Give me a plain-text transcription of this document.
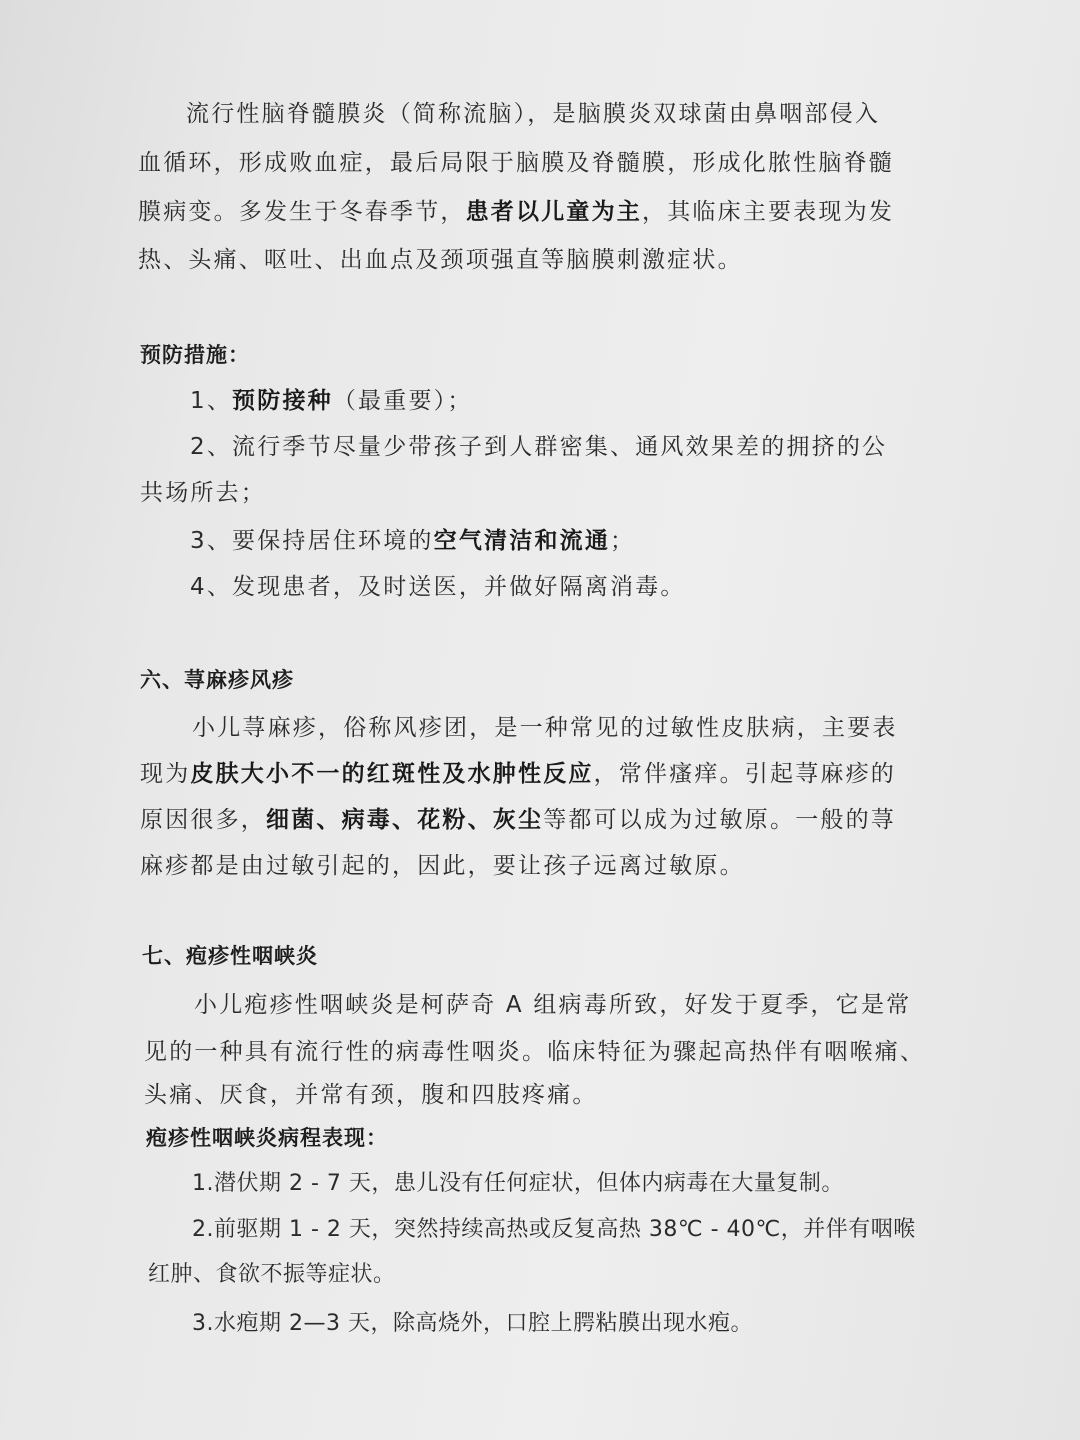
流行性脑脊髓膜炎（简称流脑），是脑膜炎双球菌由鼻咽部侵入
血循环，形成败血症，最后局限于脑膜及脊髓膜，形成化脓性脑脊髓
膜病变。多发生于冬春季节，患者以儿童为主，其临床主要表现为发
热、头痛、呕吐、出血点及颈项强直等脑膜刺激症状。
预防措施：
1、预防接种（最重要）；
2、流行季节尽量少带孩子到人群密集、通风效果差的拥挤的公
共场所去；
3、要保持居住环境的空气清洁和流通；
4、发现患者，及时送医，并做好隔离消毒。
六、荨麻疹风疹
小儿荨麻疹，俗称风疹团，是一种常见的过敏性皮肤病，主要表
现为皮肤大小不一的红斑性及水肿性反应，常伴瘙痒。引起荨麻疹的
原因很多，细菌、病毒、花粉、灰尘等都可以成为过敏原。一般的荨
麻疹都是由过敏引起的，因此，要让孩子远离过敏原。
七、疱疹性咽峡炎
小儿疱疹性咽峡炎是柯萨奇 A 组病毒所致，好发于夏季，它是常
见的一种具有流行性的病毒性咽炎。临床特征为骤起高热伴有咽喉痛、
头痛、厌食，并常有颈，腹和四肢疼痛。
疱疹性咽峡炎病程表现：
1.潜伏期 2 - 7 天，患儿没有任何症状，但体内病毒在大量复制。
2.前驱期 1 - 2 天，突然持续高热或反复高热 38℃ - 40℃，并伴有咽喉
红肿、食欲不振等症状。
3.水疱期 2—3 天，除高烧外，口腔上腭粘膜出现水疱。
